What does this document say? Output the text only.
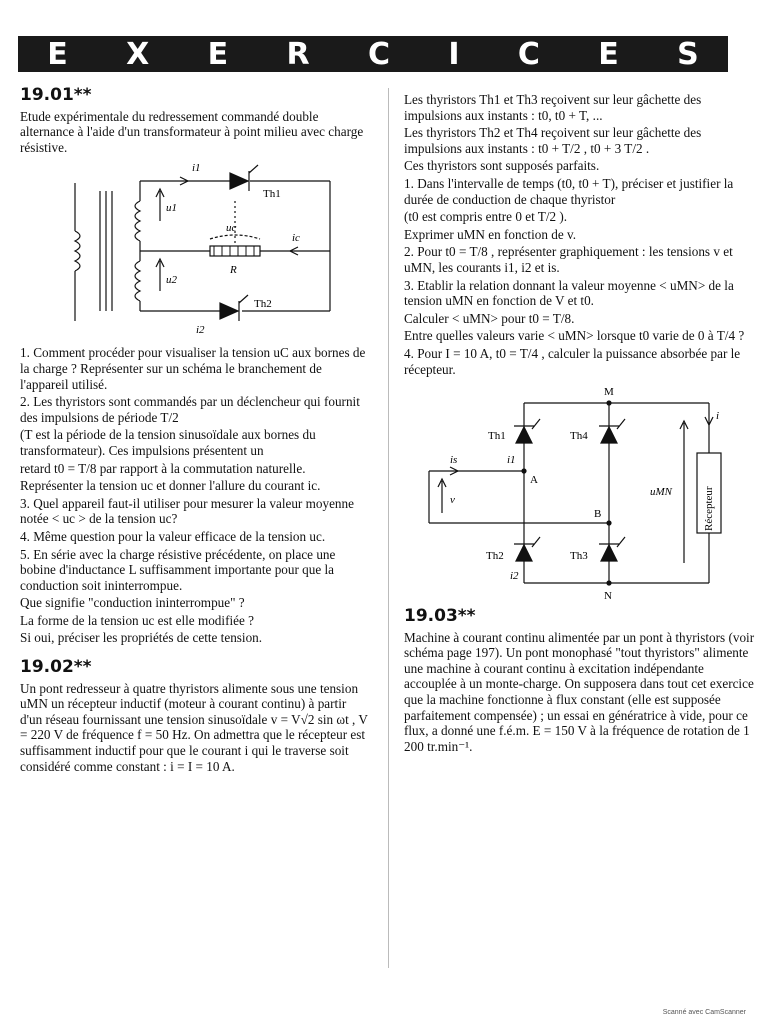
E X E R C I C E S
19.01**

Etude expérimentale du redressement commandé double alternance à l'aide d'un transformateur à point milieu avec charge résistive.

i1
Th1
u1
uc
ic
R
u2
Th2
i2

1. Comment procéder pour visualiser la tension uC aux bornes de la charge ? Représenter sur un schéma le branchement de l'appareil utilisé.

2. Les thyristors sont commandés par un déclencheur qui fournit des impulsions de période T/2

(T est la période de la tension sinusoïdale aux bornes du transformateur). Ces impulsions présentent un

retard t0 = T/8 par rapport à la commutation naturelle.

Représenter la tension uc et donner l'allure du courant ic.

3. Quel appareil faut-il utiliser pour mesurer la valeur moyenne notée < uc > de la tension uc?

4. Même question pour la valeur efficace de la tension uc.

5. En série avec la charge résistive précédente, on place une bobine d'inductance L suffisamment importante pour que la conduction soit ininterrompue.

Que signifie "conduction ininterrompue" ?

La forme de la tension uc est elle modifiée ?

Si oui, préciser les propriétés de cette tension.

19.02**

Un pont redresseur à quatre thyristors alimente sous une tension uMN un récepteur inductif (moteur à courant continu) à partir d'un réseau fournissant une tension sinusoïdale v = V√2 sin ωt , V = 220 V de fréquence f = 50 Hz. On admettra que le récepteur est suffisamment inductif pour que le courant i qui le traverse soit considéré comme constant : i = I = 10 A.

Les thyristors Th1 et Th3 reçoivent sur leur gâchette des impulsions aux instants : t0, t0 + T, ...

Les thyristors Th2 et Th4 reçoivent sur leur gâchette des impulsions aux instants : t0 + T/2 , t0 + 3 T/2 .

Ces thyristors sont supposés parfaits.

1. Dans l'intervalle de temps (t0, t0 + T), préciser et justifier la durée de conduction de chaque thyristor

(t0 est compris entre 0 et T/2 ).

Exprimer uMN en fonction de v.

2. Pour t0 = T/8 , représenter graphiquement : les tensions v et uMN, les courants i1, i2 et is.

3. Etablir la relation donnant la valeur moyenne < uMN> de la tension uMN en fonction de V et t0.

Calculer < uMN> pour t0 = T/8.

Entre quelles valeurs varie < uMN> lorsque t0 varie de 0 à T/4 ?

4. Pour I = 10 A, t0 = T/4 , calculer la puissance absorbée par le récepteur.

M
i
Th1	Th4
is	i1
A
v
uMN
B	Récepteur
Th2	Th3
i2
N
19.03**

Machine à courant continu alimentée par un pont à thyristors (voir schéma page 197). Un pont monophasé "tout thyristors" alimente une machine à courant continu à excitation indépendante accouplée à un monte-charge. On supposera dans tout cet exercice que la machine fonctionne à flux constant (elle est supposée parfaitement compensée) ; un essai en génératrice à vide, pour ce flux, a donné une f.é.m. E = 150 V à la fréquence de rotation de 1 200 tr.min⁻¹.

Scanné avec CamScanner
